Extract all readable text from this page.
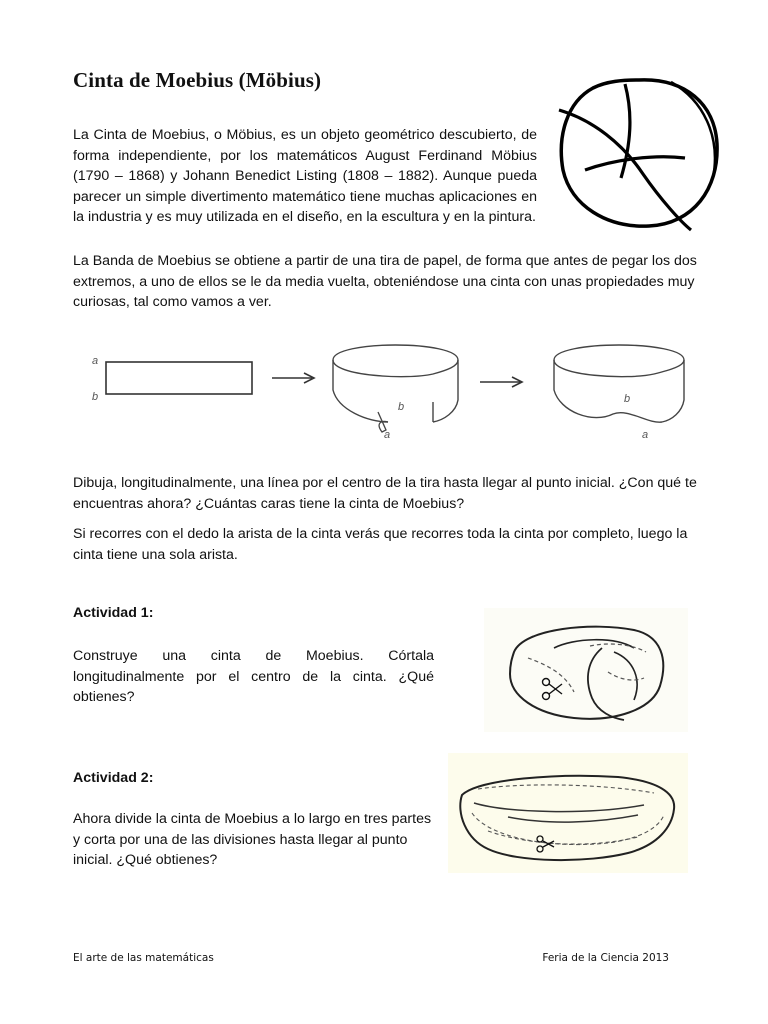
Cinta de Moebius (Möbius)
La Cinta de Moebius, o Möbius, es un objeto geométrico descubierto, de forma independiente, por los matemáticos August Ferdinand Möbius (1790 – 1868) y Johann Benedict Listing (1808 – 1882). Aunque pueda parecer un simple divertimento matemático tiene muchas aplicaciones en la industria y es muy utilizada en el diseño, en la escultura y en la pintura.
La Banda de Moebius se obtiene a partir de una tira de papel, de forma que antes de pegar los dos extremos, a uno de ellos se le da media vuelta, obteniéndose una cinta con unas propiedades muy curiosas, tal como vamos a ver.
a
b
b
a
b
a
Dibuja, longitudinalmente, una línea por el centro de la tira hasta llegar al punto inicial. ¿Con qué te encuentras ahora? ¿Cuántas caras tiene la cinta de Moebius?
Si recorres con el dedo la arista de la cinta verás que recorres toda la cinta por completo, luego la cinta tiene una sola arista.
Actividad 1:
Construye una cinta de Moebius. Córtala longitudinalmente por el centro de la cinta. ¿Qué obtienes?
Actividad 2:
Ahora divide la cinta de Moebius a lo largo en tres partes y corta por una de las divisiones hasta llegar al punto inicial. ¿Qué obtienes?
El arte de las matemáticas	Feria de la Ciencia 2013
